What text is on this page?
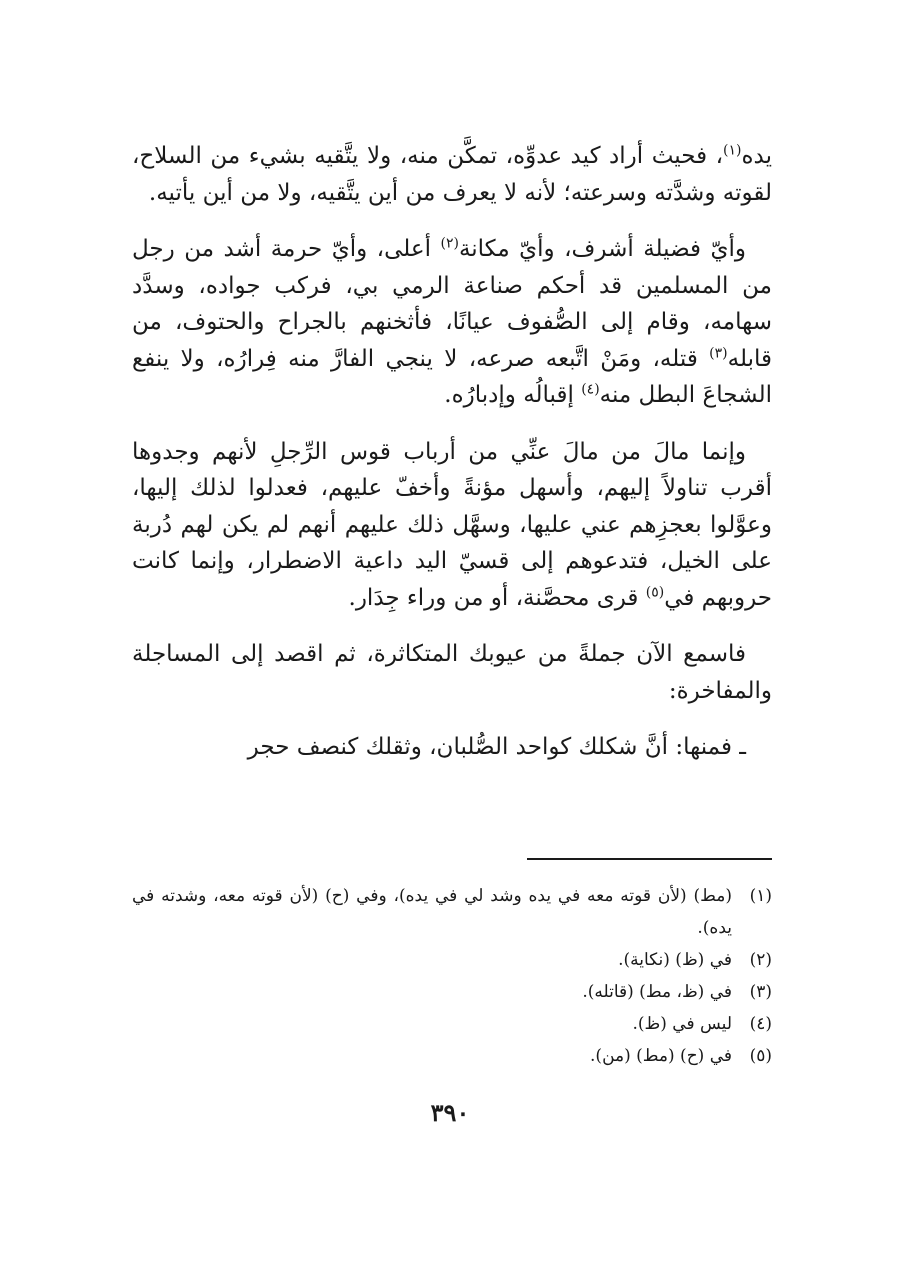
يده$^{(١)}$، فحيث أراد كيد عدوِّه، تمكَّن منه، ولا يتَّقيه بشيء من السلاح، لقوته وشدَّته وسرعته؛ لأنه لا يعرف من أين يتَّقيه، ولا من أين يأتيه.

وأيّ فضيلة أشرف، وأيّ مكانة$^{(٢)}$ أعلى، وأيّ حرمة أشد من رجل من المسلمين قد أحكم صناعة الرمي بي، فركب جواده، وسدَّد سهامه، وقام إلى الصُّفوف عيانًا، فأثخنهم بالجراح والحتوف، من قابله$^{(٣)}$ قتله، ومَنْ اتَّبعه صرعه، لا ينجي الفارَّ منه فِرارُه، ولا ينفع الشجاعَ البطل منه$^{(٤)}$ إقبالُه وإدبارُه.

وإنما مالَ من مالَ عنِّي من أرباب قوس الرِّجلِ لأنهم وجدوها أقرب تناولاً إليهم، وأسهل مؤنةً وأخفّ عليهم، فعدلوا لذلك إليها، وعوَّلوا بعجزِهم عني عليها، وسهَّل ذلك عليهم أنهم لم يكن لهم دُربة على الخيل، فتدعوهم إلى قسيّ اليد داعية الاضطرار، وإنما كانت حروبهم في$^{(٥)}$ قرى محصَّنة، أو من وراء جِدَار.

فاسمع الآن جملةً من عيوبك المتكاثرة، ثم اقصد إلى المساجلة والمفاخرة:

ـ فمنها: أنَّ شكلك كواحد الصُّلبان، وثقلك كنصف حجر

(١)
(مط) (لأن قوته معه في يده وشد لي في يده)، وفي (ح) (لأن قوته معه، وشدته في يده).
(٢)
في (ظ) (نكاية).
(٣)
في (ظ، مط) (قاتله).
(٤)
ليس في (ظ).
(٥)
في (ح) (مط) (من).
٣٩٠
